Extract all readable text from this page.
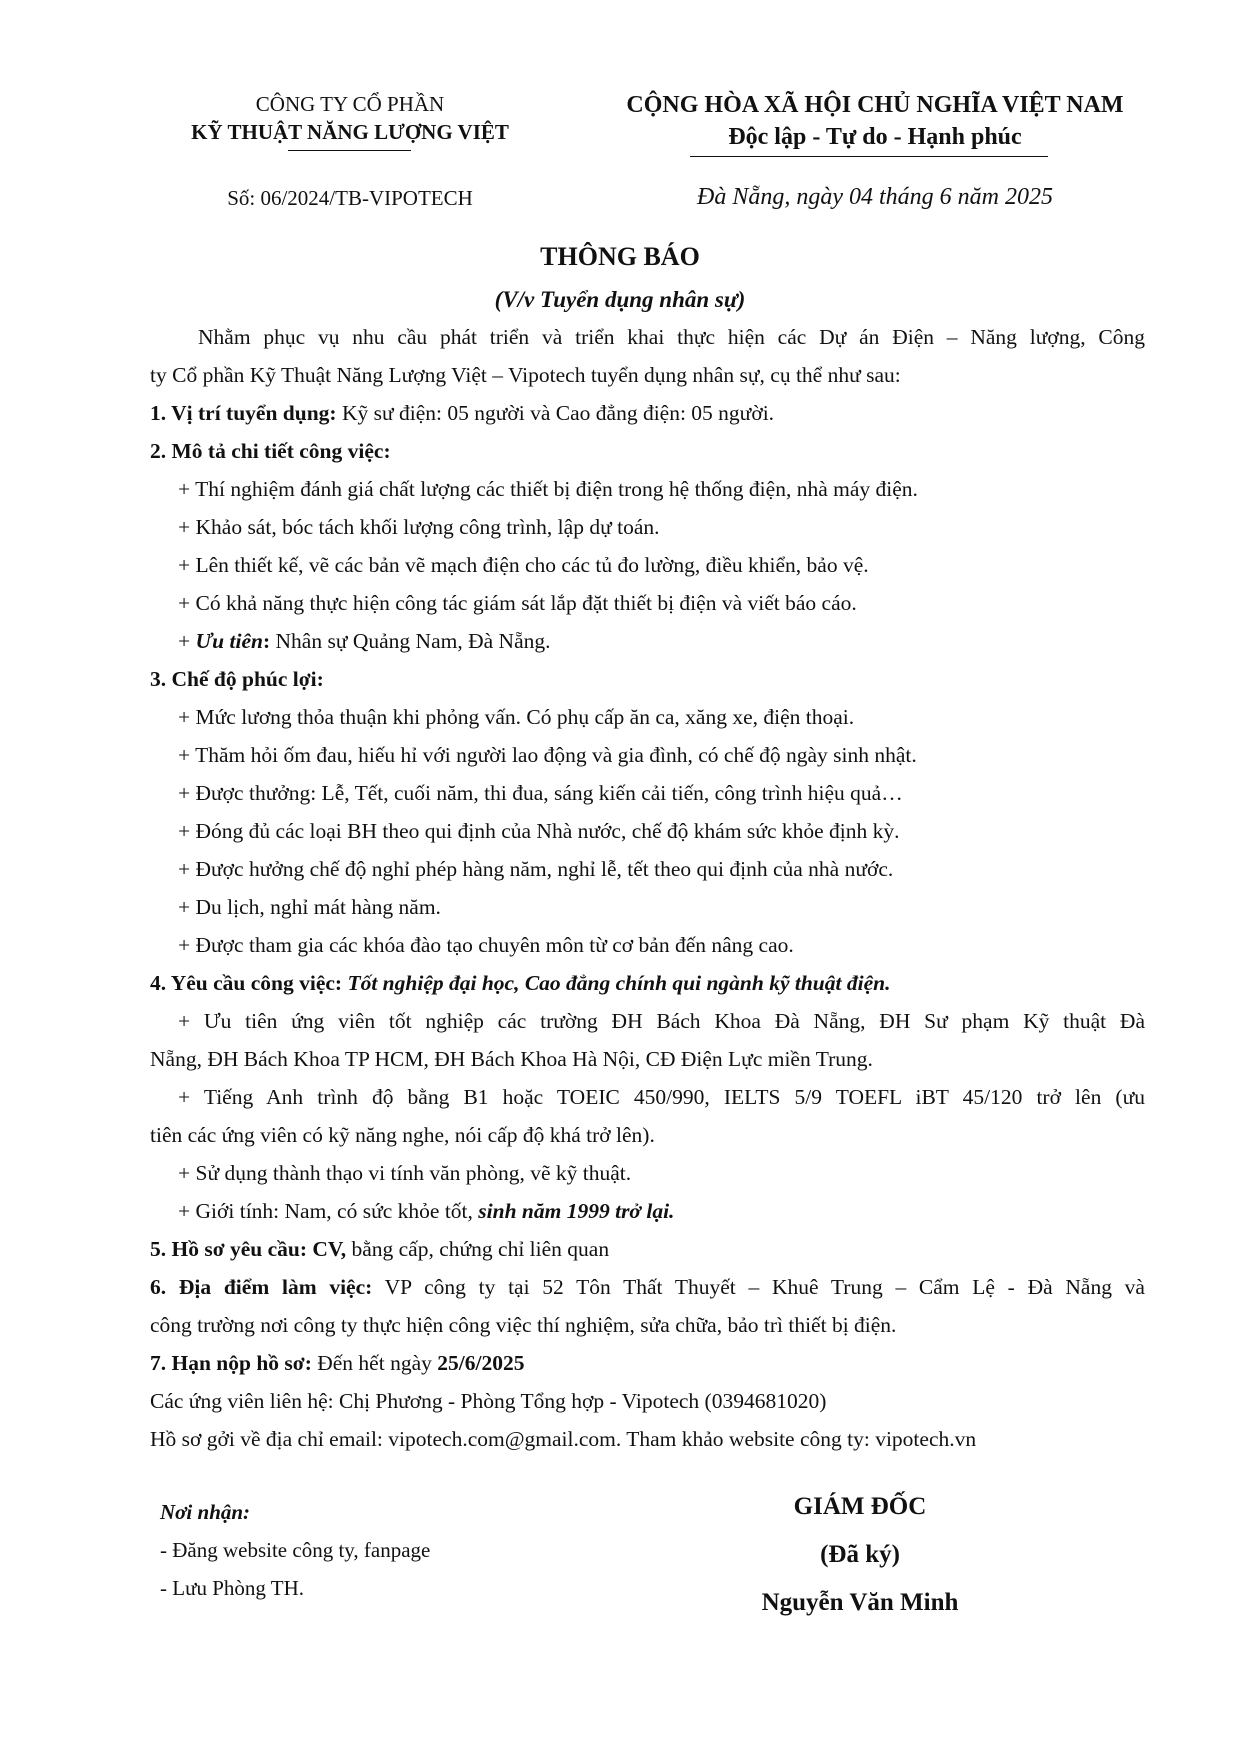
CÔNG TY CỔ PHẦN
KỸ THUẬT NĂNG LƯỢNG VIỆT
CỘNG HÒA XÃ HỘI CHỦ NGHĨA VIỆT NAM
Độc lập - Tự do - Hạnh phúc
Số: 06/2024/TB-VIPOTECH	Đà Nẵng, ngày 04 tháng 6 năm 2025
THÔNG BÁO
(V/v Tuyển dụng nhân sự)
Nhằm phục vụ nhu cầu phát triển và triển khai thực hiện các Dự án Điện – Năng lượng, Công
ty Cổ phần Kỹ Thuật Năng Lượng Việt – Vipotech tuyển dụng nhân sự, cụ thể như sau:
1. Vị trí tuyển dụng: Kỹ sư điện: 05 người và Cao đẳng điện: 05 người.
2. Mô tả chi tiết công việc:
+ Thí nghiệm đánh giá chất lượng các thiết bị điện trong hệ thống điện, nhà máy điện.
+ Khảo sát, bóc tách khối lượng công trình, lập dự toán.
+ Lên thiết kế, vẽ các bản vẽ mạch điện cho các tủ đo lường, điều khiển, bảo vệ.
+ Có khả năng thực hiện công tác giám sát lắp đặt thiết bị điện và viết báo cáo.
+ Ưu tiên: Nhân sự Quảng Nam, Đà Nẵng.
3. Chế độ phúc lợi:
+ Mức lương thỏa thuận khi phỏng vấn. Có phụ cấp ăn ca, xăng xe, điện thoại.
+ Thăm hỏi ốm đau, hiếu hỉ với người lao động và gia đình, có chế độ ngày sinh nhật.
+ Được thưởng: Lễ, Tết, cuối năm, thi đua, sáng kiến cải tiến, công trình hiệu quả…
+ Đóng đủ các loại BH theo qui định của Nhà nước, chế độ khám sức khỏe định kỳ.
+ Được hưởng chế độ nghỉ phép hàng năm, nghỉ lễ, tết theo qui định của nhà nước.
+ Du lịch, nghỉ mát hàng năm.
+ Được tham gia các khóa đào tạo chuyên môn từ cơ bản đến nâng cao.
4. Yêu cầu công việc: Tốt nghiệp đại học, Cao đẳng chính qui ngành kỹ thuật điện.
+ Ưu tiên ứng viên tốt nghiệp các trường ĐH Bách Khoa Đà Nẵng, ĐH Sư phạm Kỹ thuật Đà
Nẵng, ĐH Bách Khoa TP HCM, ĐH Bách Khoa Hà Nội, CĐ Điện Lực miền Trung.
+ Tiếng Anh trình độ bằng B1 hoặc TOEIC 450/990, IELTS 5/9 TOEFL iBT 45/120 trở lên (ưu
tiên các ứng viên có kỹ năng nghe, nói cấp độ khá trở lên).
+ Sử dụng thành thạo vi tính văn phòng, vẽ kỹ thuật.
+ Giới tính: Nam, có sức khỏe tốt, sinh năm 1999 trở lại.
5. Hồ sơ yêu cầu: CV, bằng cấp, chứng chỉ liên quan
6. Địa điểm làm việc: VP công ty tại 52 Tôn Thất Thuyết – Khuê Trung – Cẩm Lệ - Đà Nẵng và
công trường nơi công ty thực hiện công việc thí nghiệm, sửa chữa, bảo trì thiết bị điện.
7. Hạn nộp hồ sơ: Đến hết ngày 25/6/2025
Các ứng viên liên hệ: Chị Phương - Phòng Tổng hợp - Vipotech (0394681020)
Hồ sơ gởi về địa chỉ email: vipotech.com@gmail.com. Tham khảo website công ty: vipotech.vn
Nơi nhận:
- Đăng website công ty, fanpage
- Lưu Phòng TH.
GIÁM ĐỐC
(Đã ký)
Nguyễn Văn Minh
